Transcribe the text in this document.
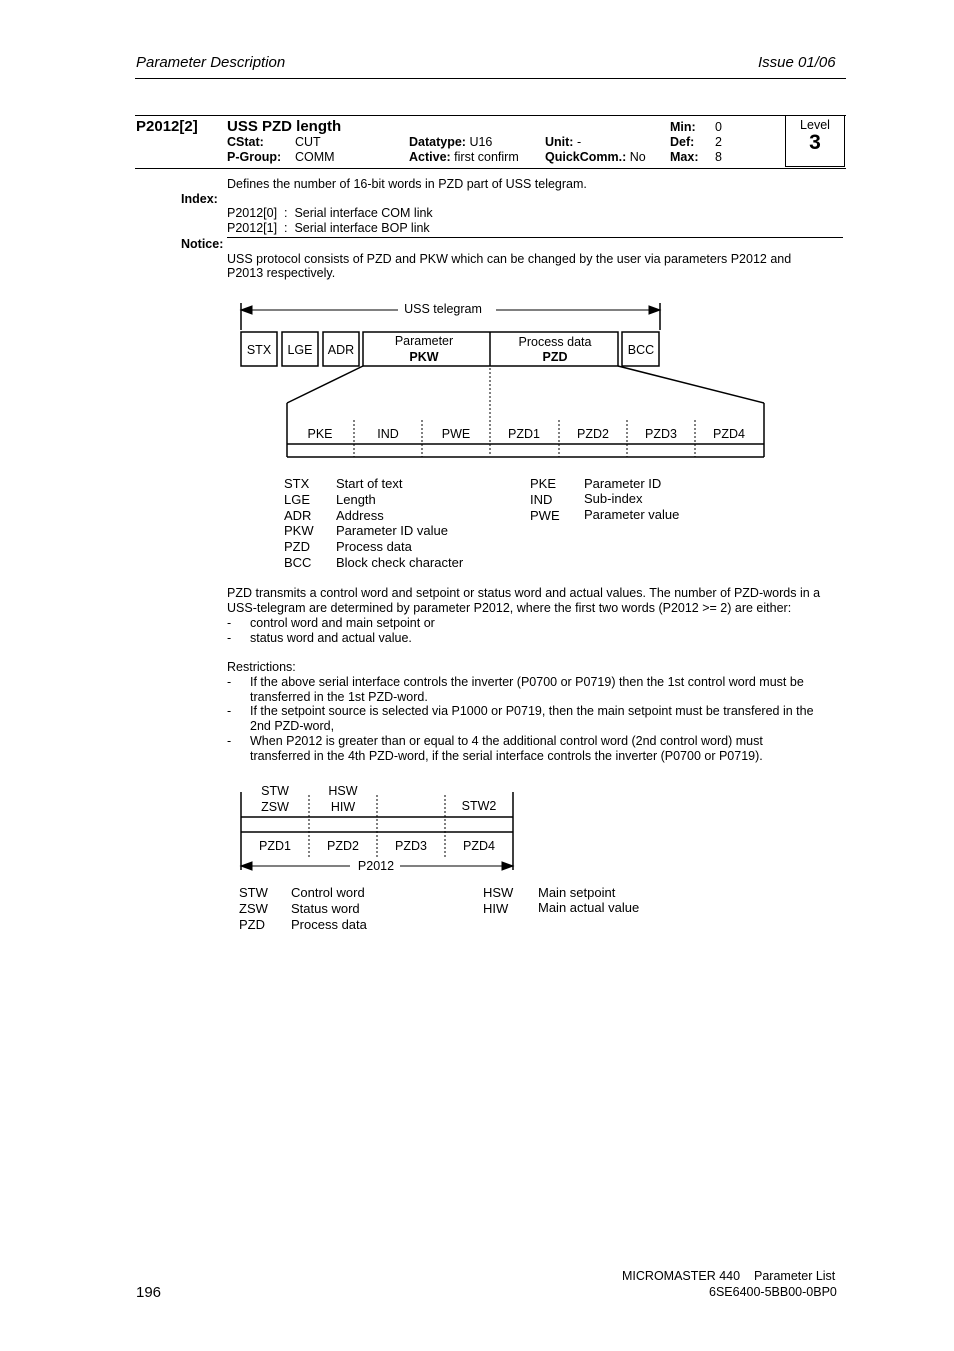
Parameter Description	Issue 01/06
Level
3
P2012[2] USS PZD length
CStat: CUT
P-Group: COMM
Datatype: U16
Active: first confirm
Unit: -
QuickComm.: No
Min: 0
Def: 2
Max: 8
Defines the number of 16-bit words in PZD part of USS telegram.
Index:
P2012[0] : Serial interface COM link
P2012[1] : Serial interface BOP link
Notice:
USS protocol consists of PZD and PKW which can be changed by the user via parameters P2012 and
P2013 respectively.
USS telegram
STX LGE ADR	BCC
Parameter
PKW
Process data
PZD
PKE	IND	PWE	PZD1	PZD2	PZD3	PZD4
STX Start of text
LGE Length
ADR Address
PKW Parameter ID value
PZD Process data
BCC Block check character
PKE Parameter ID
IND Sub-index
PWE Parameter value
PZD transmits a control word and setpoint or status word and actual values. The number of PZD-words in a
USS-telegram are determined by parameter P2012, where the first two words (P2012 >= 2) are either:
- control word and main setpoint or
- status word and actual value.
Restrictions:
- If the above serial interface controls the inverter (P0700 or P0719) then the 1st control word must be
transferred in the 1st PZD-word.
- If the setpoint source is selected via P1000 or P0719, then the main setpoint must be transfered in the
2nd PZD-word,
- When P2012 is greater than or equal to 4 the additional control word (2nd control word) must
transferred in the 4th PZD-word, if the serial interface controls the inverter (P0700 or P0719).
STW
ZSW
HSW
HIW	STW2
PZD1	PZD2	PZD3	PZD4
P2012
STW Control word
ZSW Status word
PZD Process data
HSW Main setpoint
HIW Main actual value
196
MICROMASTER 440 Parameter List
6SE6400-5BB00-0BP0
